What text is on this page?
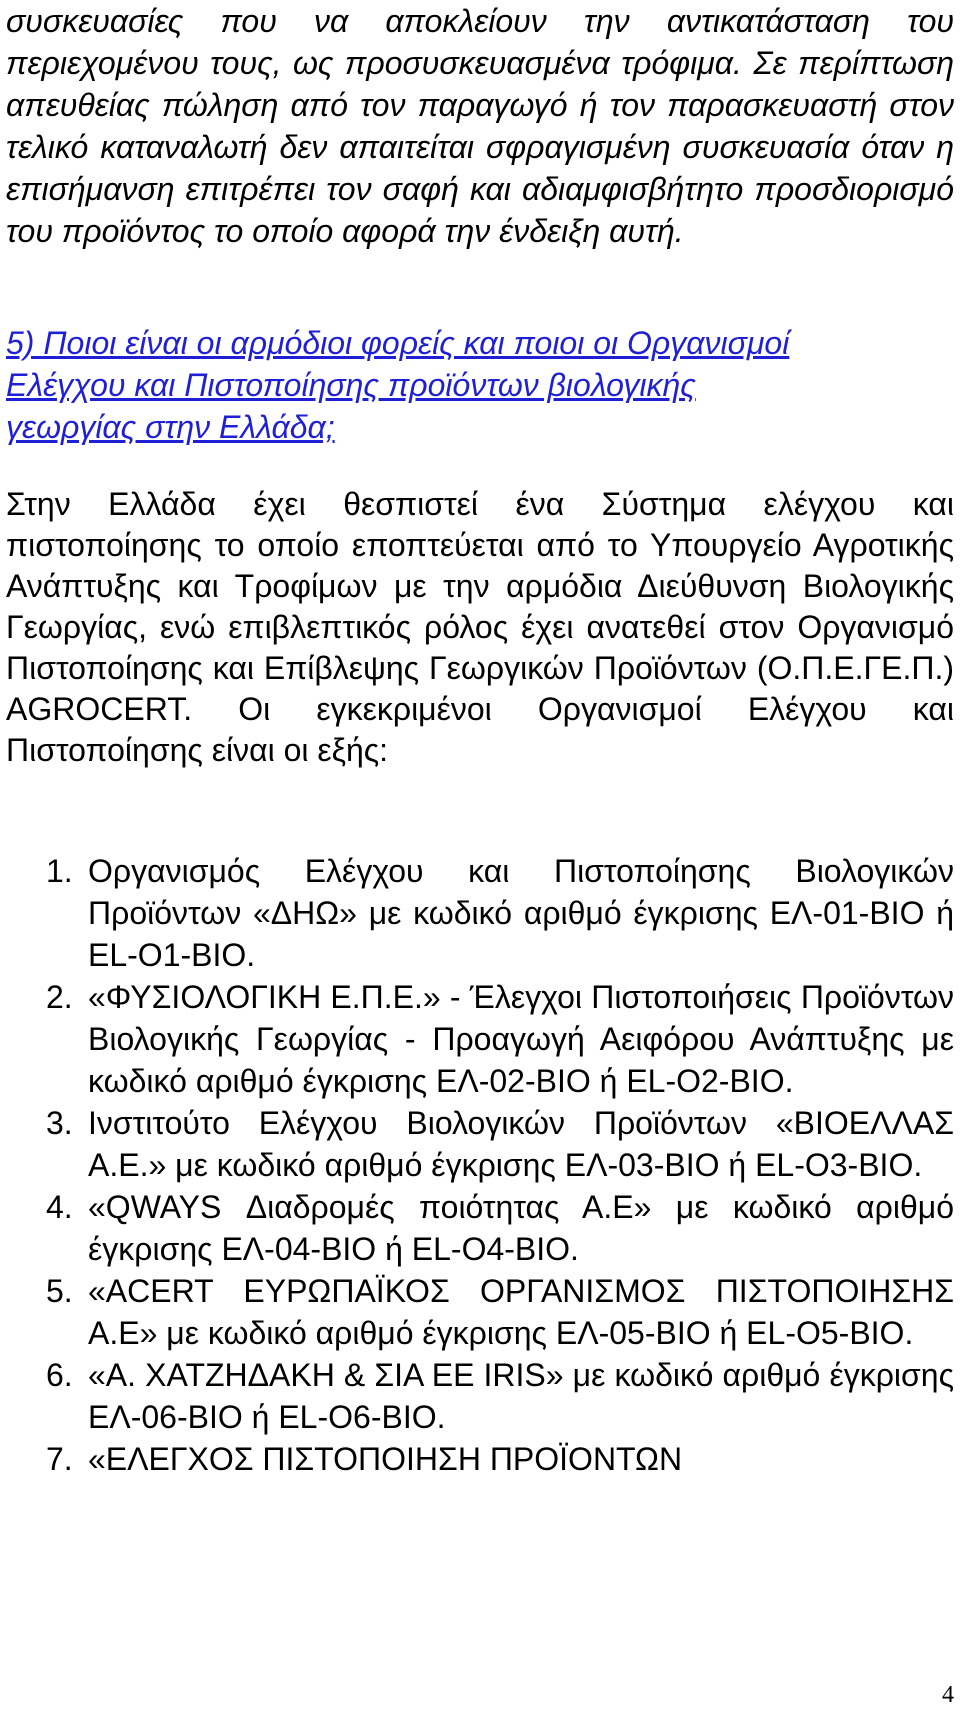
συσκευασίες που να αποκλείουν την αντικατάσταση του περιεχομένου τους, ως προσυσκευασμένα τρόφιμα. Σε περίπτωση απευθείας πώληση από τον παραγωγό ή τον παρασκευαστή στον τελικό καταναλωτή δεν απαιτείται σφραγισμένη συσκευασία όταν η επισήμανση επιτρέπει τον σαφή και αδιαμφισβήτητο προσδιορισμό του προϊόντος το οποίο αφορά την ένδειξη αυτή.

5) Ποιοι είναι οι αρμόδιοι φορείς και ποιοι οι Οργανισμοί
Ελέγχου και Πιστοποίησης προϊόντων βιολογικής
γεωργίας στην Ελλάδα;

Στην Ελλάδα έχει θεσπιστεί ένα Σύστημα ελέγχου και πιστοποίησης το οποίο εποπτεύεται από το Υπουργείο Αγροτικής Ανάπτυξης και Τροφίμων με την αρμόδια Διεύθυνση Βιολογικής Γεωργίας, ενώ επιβλεπτικός ρόλος έχει ανατεθεί στον Οργανισμό Πιστοποίησης και Επίβλεψης Γεωργικών Προϊόντων (Ο.Π.Ε.ΓΕ.Π.) AGROCERT. Οι εγκεκριμένοι Οργανισμοί Ελέγχου και Πιστοποίησης είναι οι εξής:

1. Οργανισμός Ελέγχου και Πιστοποίησης Βιολογικών Προϊόντων «ΔΗΩ» με κωδικό αριθμό έγκρισης ΕΛ-01-ΒΙΟ ή EL-O1-BIO.
2. «ΦΥΣΙΟΛΟΓΙΚΗ Ε.Π.Ε.» - Έλεγχοι Πιστοποιήσεις Προϊόντων Βιολογικής Γεωργίας - Προαγωγή Αειφόρου Ανάπτυξης με κωδικό αριθμό έγκρισης ΕΛ-02-ΒΙΟ ή EL-O2-BIO.
3. Ινστιτούτο Ελέγχου Βιολογικών Προϊόντων «ΒΙΟΕΛΛΑΣ Α.Ε.» με κωδικό αριθμό έγκρισης ΕΛ-03-ΒΙΟ ή EL-O3-BIO.
4. «QWAYS Διαδρομές ποιότητας Α.Ε» με κωδικό αριθμό έγκρισης ΕΛ-04-ΒΙΟ ή EL-O4-BIO.
5. «ACERT ΕΥΡΩΠΑΪΚΟΣ ΟΡΓΑΝΙΣΜΟΣ ΠΙΣΤΟΠΟΙΗΣΗΣ Α.Ε» με κωδικό αριθμό έγκρισης ΕΛ-05-ΒΙΟ ή EL-O5-BIO.
6. «Α. ΧΑΤΖΗΔΑΚΗ & ΣΙΑ ΕΕ IRIS» με κωδικό αριθμό έγκρισης ΕΛ-06-ΒΙΟ ή EL-O6-BIO.
7. «ΕΛΕΓΧΟΣ ΠΙΣΤΟΠΟΙΗΣΗ ΠΡΟΪΟΝΤΩΝ
4
